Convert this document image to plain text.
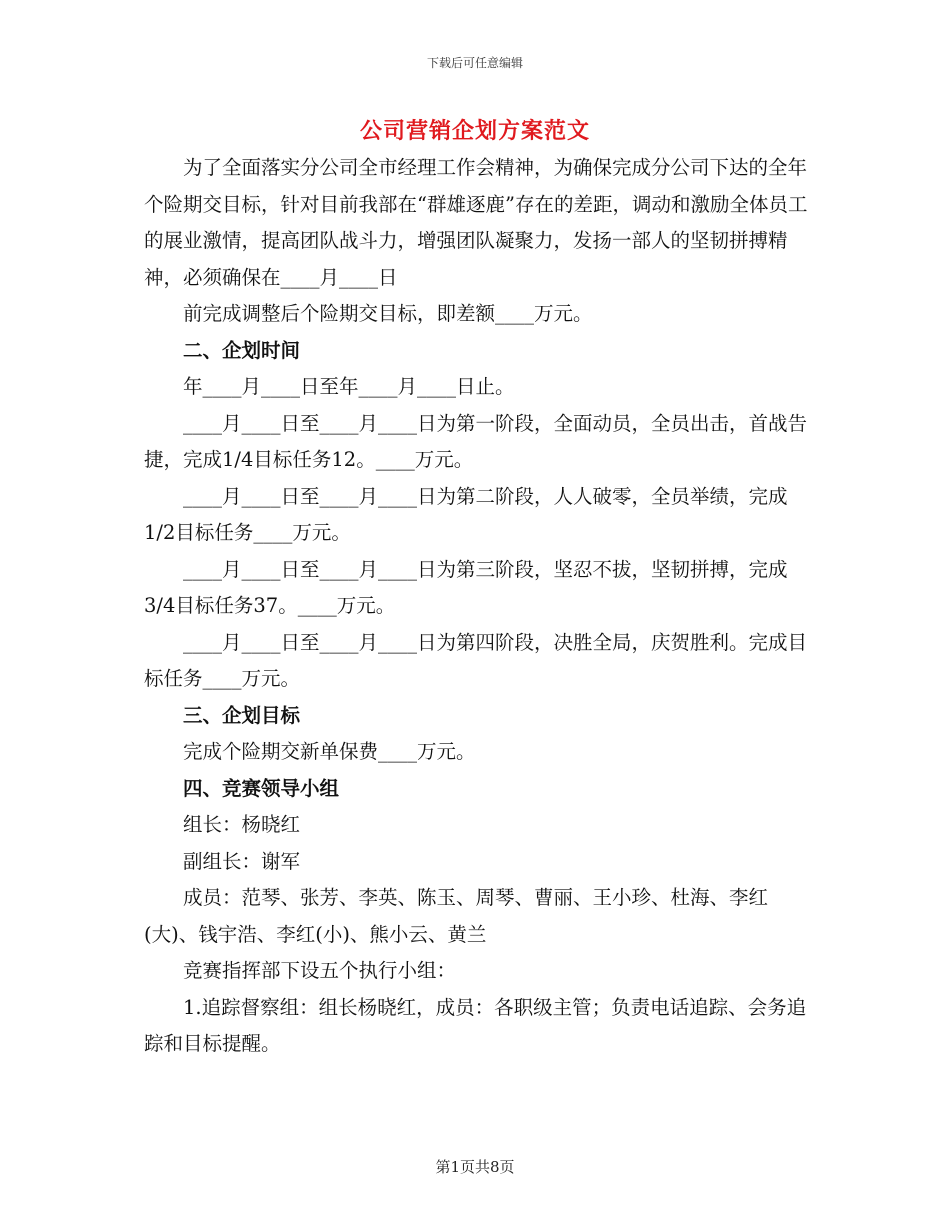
下载后可任意编辑
公司营销企划方案范文

为了全面落实分公司全市经理工作会精神，为确保完成分公司下达的全年个险期交目标，针对目前我部在“群雄逐鹿”存在的差距，调动和激励全体员工的展业激情，提高团队战斗力，增强团队凝聚力，发扬一部人的坚韧拼搏精神，必须确保在____月____日

前完成调整后个险期交目标，即差额____万元。

二、企划时间

年____月____日至年____月____日止。

____月____日至____月____日为第一阶段，全面动员，全员出击，首战告捷，完成1/4目标任务12。____万元。

____月____日至____月____日为第二阶段，人人破零，全员举绩，完成1/2目标任务____万元。

____月____日至____月____日为第三阶段，坚忍不拔，坚韧拼搏，完成3/4目标任务37。____万元。

____月____日至____月____日为第四阶段，决胜全局，庆贺胜利。完成目标任务____万元。

三、企划目标

完成个险期交新单保费____万元。

四、竞赛领导小组

组长：杨晓红

副组长：谢军

成员：范琴、张芳、李英、陈玉、周琴、曹丽、王小珍、杜海、李红(大)、钱宇浩、李红(小)、熊小云、黄兰

竞赛指挥部下设五个执行小组：

1.追踪督察组：组长杨晓红，成员：各职级主管；负责电话追踪、会务追踪和目标提醒。

第1页共8页
